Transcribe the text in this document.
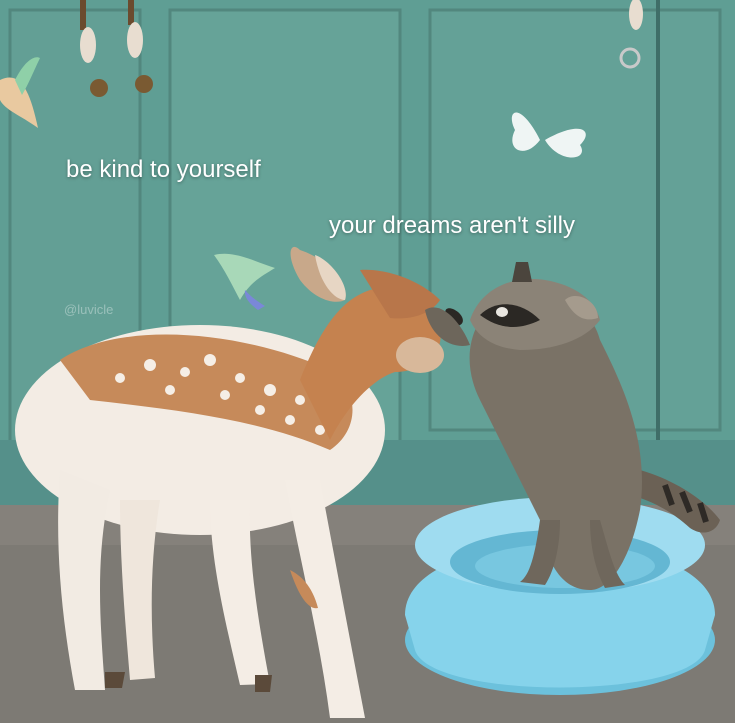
be kind to yourself
your dreams aren't silly
@luvicle
